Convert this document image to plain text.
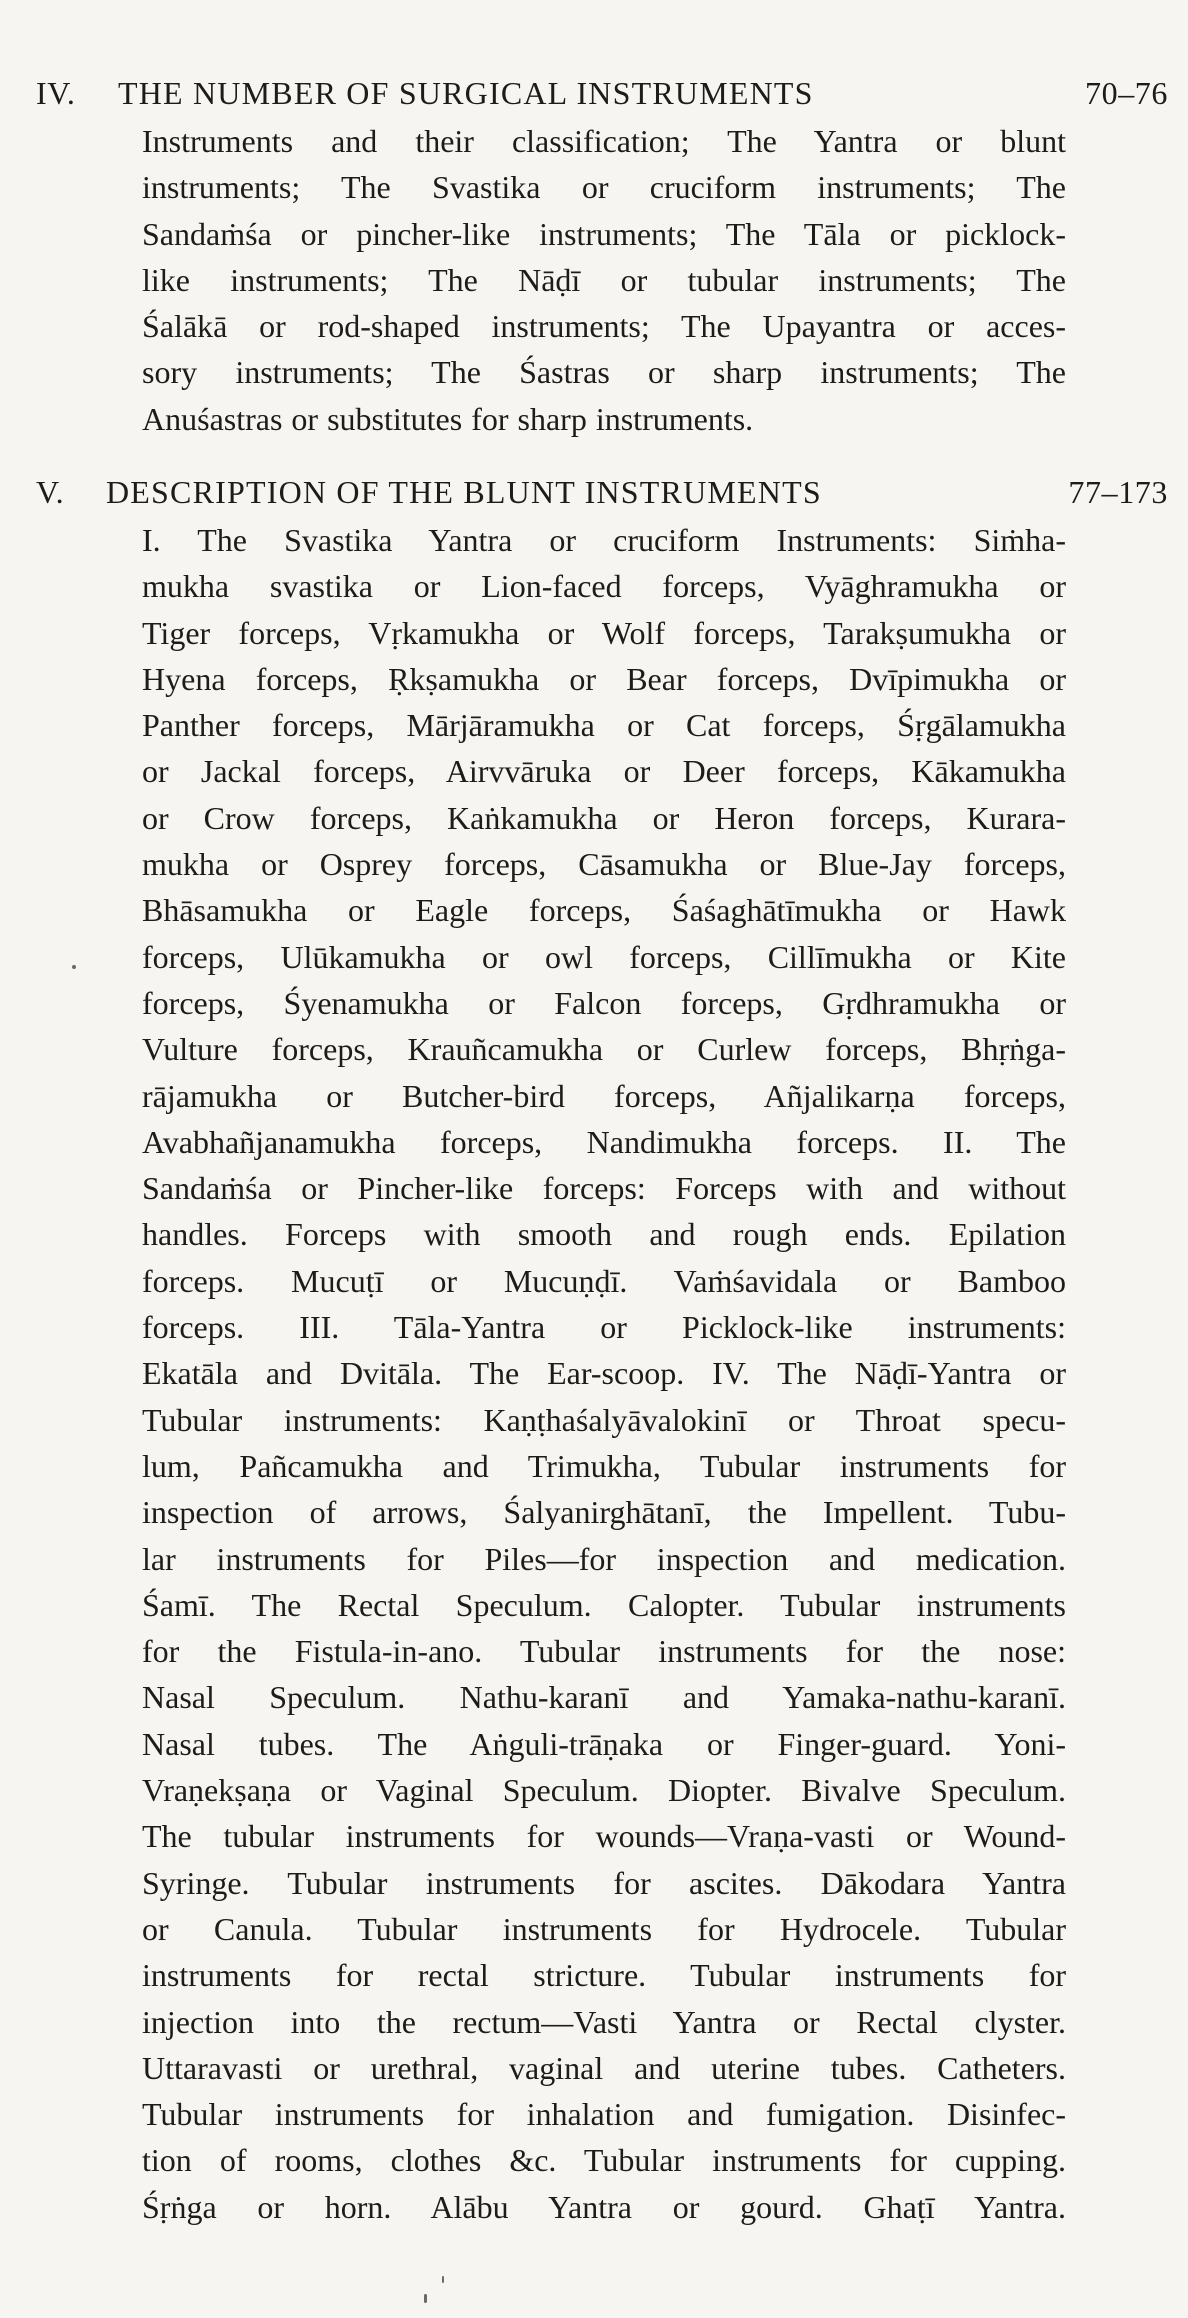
IV. THE NUMBER OF SURGICAL INSTRUMENTS	70–76
Instruments and their classification; The Yantra or blunt
instruments; The Svastika or cruciform instruments; The
Sandaṁśa or pincher-like instruments; The Tāla or picklock-
like instruments; The Nāḍī or tubular instruments; The
Śalākā or rod-shaped instruments; The Upayantra or acces-
sory instruments; The Śastras or sharp instruments; The
Anuśastras or substitutes for sharp instruments.
V. DESCRIPTION OF THE BLUNT INSTRUMENTS	77–173
I. The Svastika Yantra or cruciform Instruments: Siṁha-
mukha svastika or Lion-faced forceps, Vyāghramukha or
Tiger forceps, Vṛkamukha or Wolf forceps, Tarakṣumukha or
Hyena forceps, Ṛkṣamukha or Bear forceps, Dvīpimukha or
Panther forceps, Mārjāramukha or Cat forceps, Śṛgālamukha
or Jackal forceps, Airvvāruka or Deer forceps, Kākamukha
or Crow forceps, Kaṅkamukha or Heron forceps, Kurara-
mukha or Osprey forceps, Cāsamukha or Blue-Jay forceps,
Bhāsamukha or Eagle forceps, Śaśaghātīmukha or Hawk
forceps, Ulūkamukha or owl forceps, Cillīmukha or Kite
forceps, Śyenamukha or Falcon forceps, Gṛdhramukha or
Vulture forceps, Krauñcamukha or Curlew forceps, Bhṛṅga-
rājamukha or Butcher-bird forceps, Añjalikarṇa forceps,
Avabhañjanamukha forceps, Nandimukha forceps. II. The
Sandaṁśa or Pincher-like forceps: Forceps with and without
handles. Forceps with smooth and rough ends. Epilation
forceps. Mucuṭī or Mucuṇḍī. Vaṁśavidala or Bamboo
forceps. III. Tāla-Yantra or Picklock-like instruments:
Ekatāla and Dvitāla. The Ear-scoop. IV. The Nāḍī-Yantra or
Tubular instruments: Kaṇṭhaśalyāvalokinī or Throat specu-
lum, Pañcamukha and Trimukha, Tubular instruments for
inspection of arrows, Śalyanirghātanī, the Impellent. Tubu-
lar instruments for Piles—for inspection and medication.
Śamī. The Rectal Speculum. Calopter. Tubular instruments
for the Fistula-in-ano. Tubular instruments for the nose:
Nasal Speculum. Nathu-karanī and Yamaka-nathu-karanī.
Nasal tubes. The Aṅguli-trāṇaka or Finger-guard. Yoni-
Vraṇekṣaṇa or Vaginal Speculum. Diopter. Bivalve Speculum.
The tubular instruments for wounds—Vraṇa-vasti or Wound-
Syringe. Tubular instruments for ascites. Dākodara Yantra
or Canula. Tubular instruments for Hydrocele. Tubular
instruments for rectal stricture. Tubular instruments for
injection into the rectum—Vasti Yantra or Rectal clyster.
Uttaravasti or urethral, vaginal and uterine tubes. Catheters.
Tubular instruments for inhalation and fumigation. Disinfec-
tion of rooms, clothes &c. Tubular instruments for cupping.
Śṛṅga or horn. Alābu Yantra or gourd. Ghaṭī Yantra.
